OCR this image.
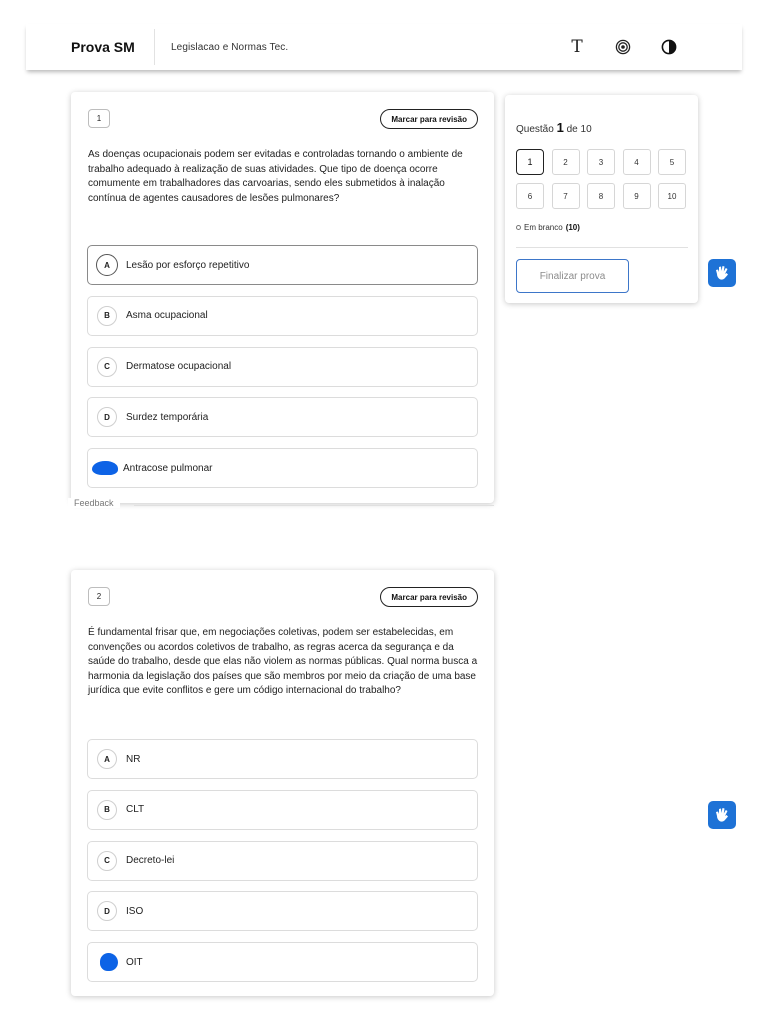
Prova SM	Legislacao e Normas Tec.	T
1	Marcar para revisão
As doenças ocupacionais podem ser evitadas e controladas tornando o ambiente de trabalho adequado à realização de suas atividades. Que tipo de doença ocorre comumente em trabalhadores das carvoarias, sendo eles submetidos à inalação contínua de agentes causadores de lesões pulmonares?
A	Lesão por esforço repetitivo
B	Asma ocupacional
C	Dermatose ocupacional
D	Surdez temporária
Antracose pulmonar
Feedback
2	Marcar para revisão
É fundamental frisar que, em negociações coletivas, podem ser estabelecidas, em convenções ou acordos coletivos de trabalho, as regras acerca da segurança e da saúde do trabalho, desde que elas não violem as normas públicas. Qual norma busca a harmonia da legislação dos países que são membros por meio da criação de uma base jurídica que evite conflitos e gere um código internacional do trabalho?
A	NR
B	CLT
C	Decreto-lei
D	ISO
OIT
Questão 1 de 10
1	2	3	4	5
6	7	8	9	10
Em branco (10)
Finalizar prova
